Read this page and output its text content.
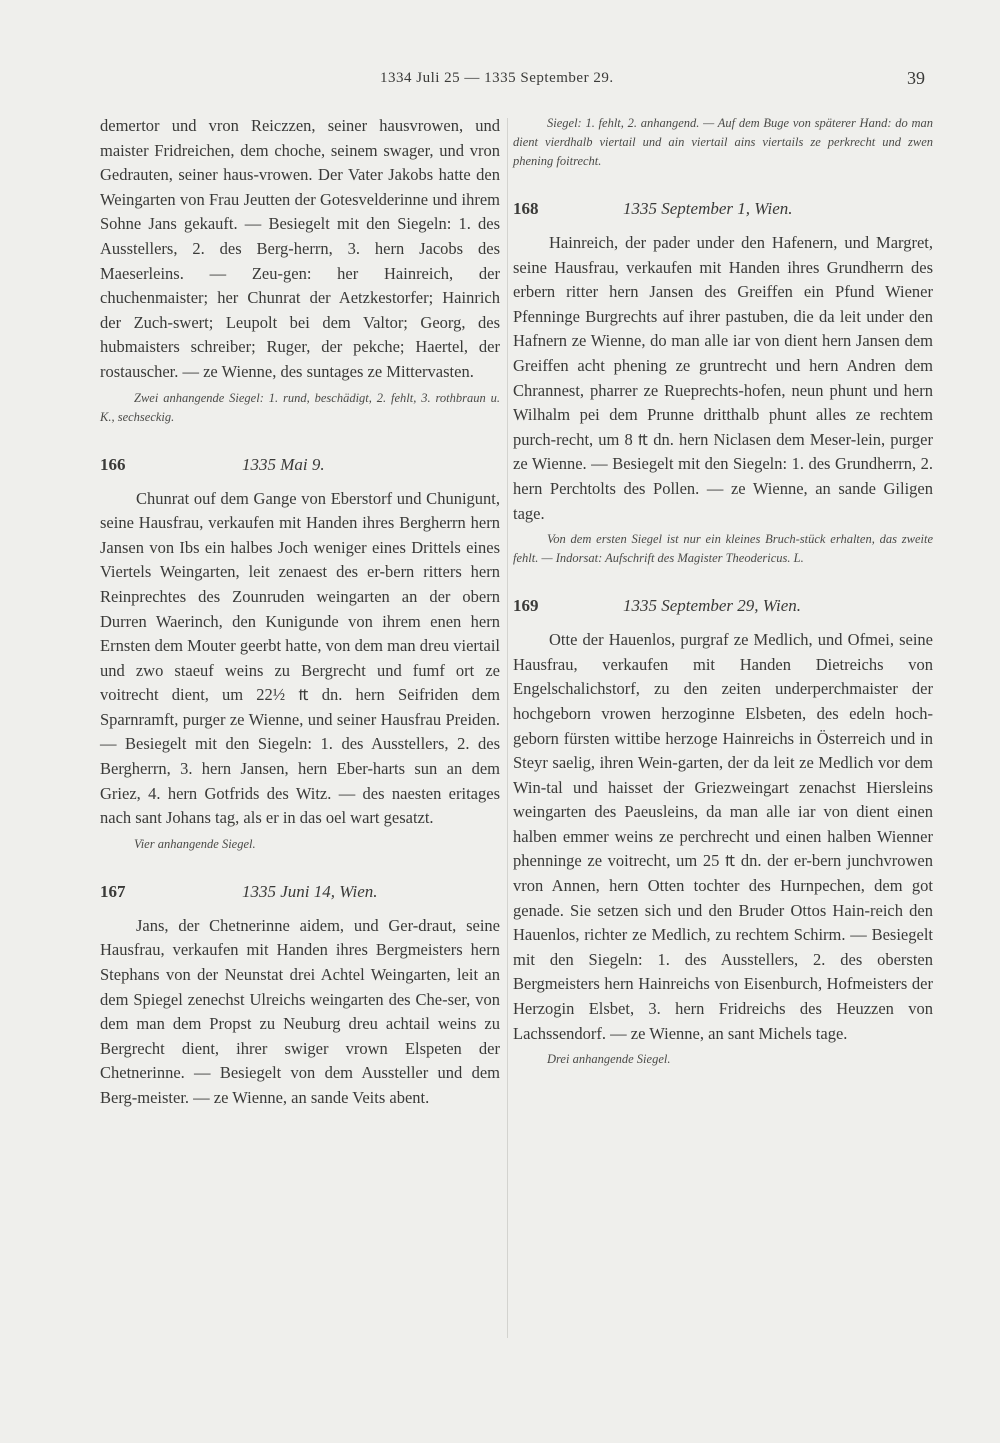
1334 Juli 25 — 1335 September 29.	39

demertor und vron Reiczzen, seiner hausvrowen, und maister Fridreichen, dem choche, seinem swager, und vron Gedrauten, seiner haus-vrowen. Der Vater Jakobs hatte den Weingarten von Frau Jeutten der Gotesvelderinne und ihrem Sohne Jans gekauft. — Besiegelt mit den Siegeln: 1. des Ausstellers, 2. des Berg-herrn, 3. hern Jacobs des Maeserleins. — Zeu-gen: her Hainreich, der chuchenmaister; her Chunrat der Aetzkestorfer; Hainrich der Zuch-swert; Leupolt bei dem Valtor; Georg, des hubmaisters schreiber; Ruger, der pekche; Haertel, der rostauscher. — ze Wienne, des suntages ze Mittervasten.

Zwei anhangende Siegel: 1. rund, beschädigt, 2. fehlt, 3. rothbraun u. K., sechseckig.

166	1335 Mai 9.

Chunrat ouf dem Gange von Eberstorf und Chunigunt, seine Hausfrau, verkaufen mit Handen ihres Bergherrn hern Jansen von Ibs ein halbes Joch weniger eines Drittels eines Viertels Weingarten, leit zenaest des er-bern ritters hern Reinprechtes des Zounruden weingarten an der obern Durren Waerinch, den Kunigunde von ihrem enen hern Ernsten dem Mouter geerbt hatte, von dem man dreu viertail und zwo staeuf weins zu Bergrecht und fumf ort ze voitrecht dient, um 22½ ₶ dn. hern Seifriden dem Sparnramft, purger ze Wienne, und seiner Hausfrau Preiden. — Besiegelt mit den Siegeln: 1. des Ausstellers, 2. des Bergherrn, 3. hern Jansen, hern Eber-harts sun an dem Griez, 4. hern Gotfrids des Witz. — des naesten eritages nach sant Johans tag, als er in das oel wart gesatzt.

Vier anhangende Siegel.

167	1335 Juni 14, Wien.

Jans, der Chetnerinne aidem, und Ger-draut, seine Hausfrau, verkaufen mit Handen ihres Bergmeisters hern Stephans von der Neunstat drei Achtel Weingarten, leit an dem Spiegel zenechst Ulreichs weingarten des Che-ser, von dem man dem Propst zu Neuburg dreu achtail weins zu Bergrecht dient, ihrer swiger vrown Elspeten der Chetnerinne. — Besiegelt von dem Aussteller und dem Berg-meister. — ze Wienne, an sande Veits abent.

Siegel: 1. fehlt, 2. anhangend. — Auf dem Buge von späterer Hand: do man dient vierdhalb viertail und ain viertail ains viertails ze perkrecht und zwen phening foitrecht.

168	1335 September 1, Wien.

Hainreich, der pader under den Hafenern, und Margret, seine Hausfrau, verkaufen mit Handen ihres Grundherrn des erbern ritter hern Jansen des Greiffen ein Pfund Wiener Pfenninge Burgrechts auf ihrer pastuben, die da leit under den Hafnern ze Wienne, do man alle iar von dient hern Jansen dem Greiffen acht phening ze gruntrecht und hern Andren dem Chrannest, pharrer ze Rueprechts-hofen, neun phunt und hern Wilhalm pei dem Prunne dritthalb phunt alles ze rechtem purch-recht, um 8 ₶ dn. hern Niclasen dem Meser-lein, purger ze Wienne. — Besiegelt mit den Siegeln: 1. des Grundherrn, 2. hern Perchtolts des Pollen. — ze Wienne, an sande Giligen tage.

Von dem ersten Siegel ist nur ein kleines Bruch-stück erhalten, das zweite fehlt. — Indorsat: Aufschrift des Magister Theodericus. L.

169	1335 September 29, Wien.

Otte der Hauenlos, purgraf ze Medlich, und Ofmei, seine Hausfrau, verkaufen mit Handen Dietreichs von Engelschalichstorf, zu den zeiten underperchmaister der hochgeborn vrowen herzoginne Elsbeten, des edeln hoch-geborn fürsten wittibe herzoge Hainreichs in Österreich und in Steyr saelig, ihren Wein-garten, der da leit ze Medlich vor dem Win-tal und haisset der Griezweingart zenachst Hiersleins weingarten des Paeusleins, da man alle iar von dient einen halben emmer weins ze perchrecht und einen halben Wienner phenninge ze voitrecht, um 25 ₶ dn. der er-bern junchvrowen vron Annen, hern Otten tochter des Hurnpechen, dem got genade. Sie setzen sich und den Bruder Ottos Hain-reich den Hauenlos, richter ze Medlich, zu rechtem Schirm. — Besiegelt mit den Siegeln: 1. des Ausstellers, 2. des obersten Bergmeisters hern Hainreichs von Eisenburch, Hofmeisters der Herzogin Elsbet, 3. hern Fridreichs des Heuzzen von Lachssendorf. — ze Wienne, an sant Michels tage.

Drei anhangende Siegel.
